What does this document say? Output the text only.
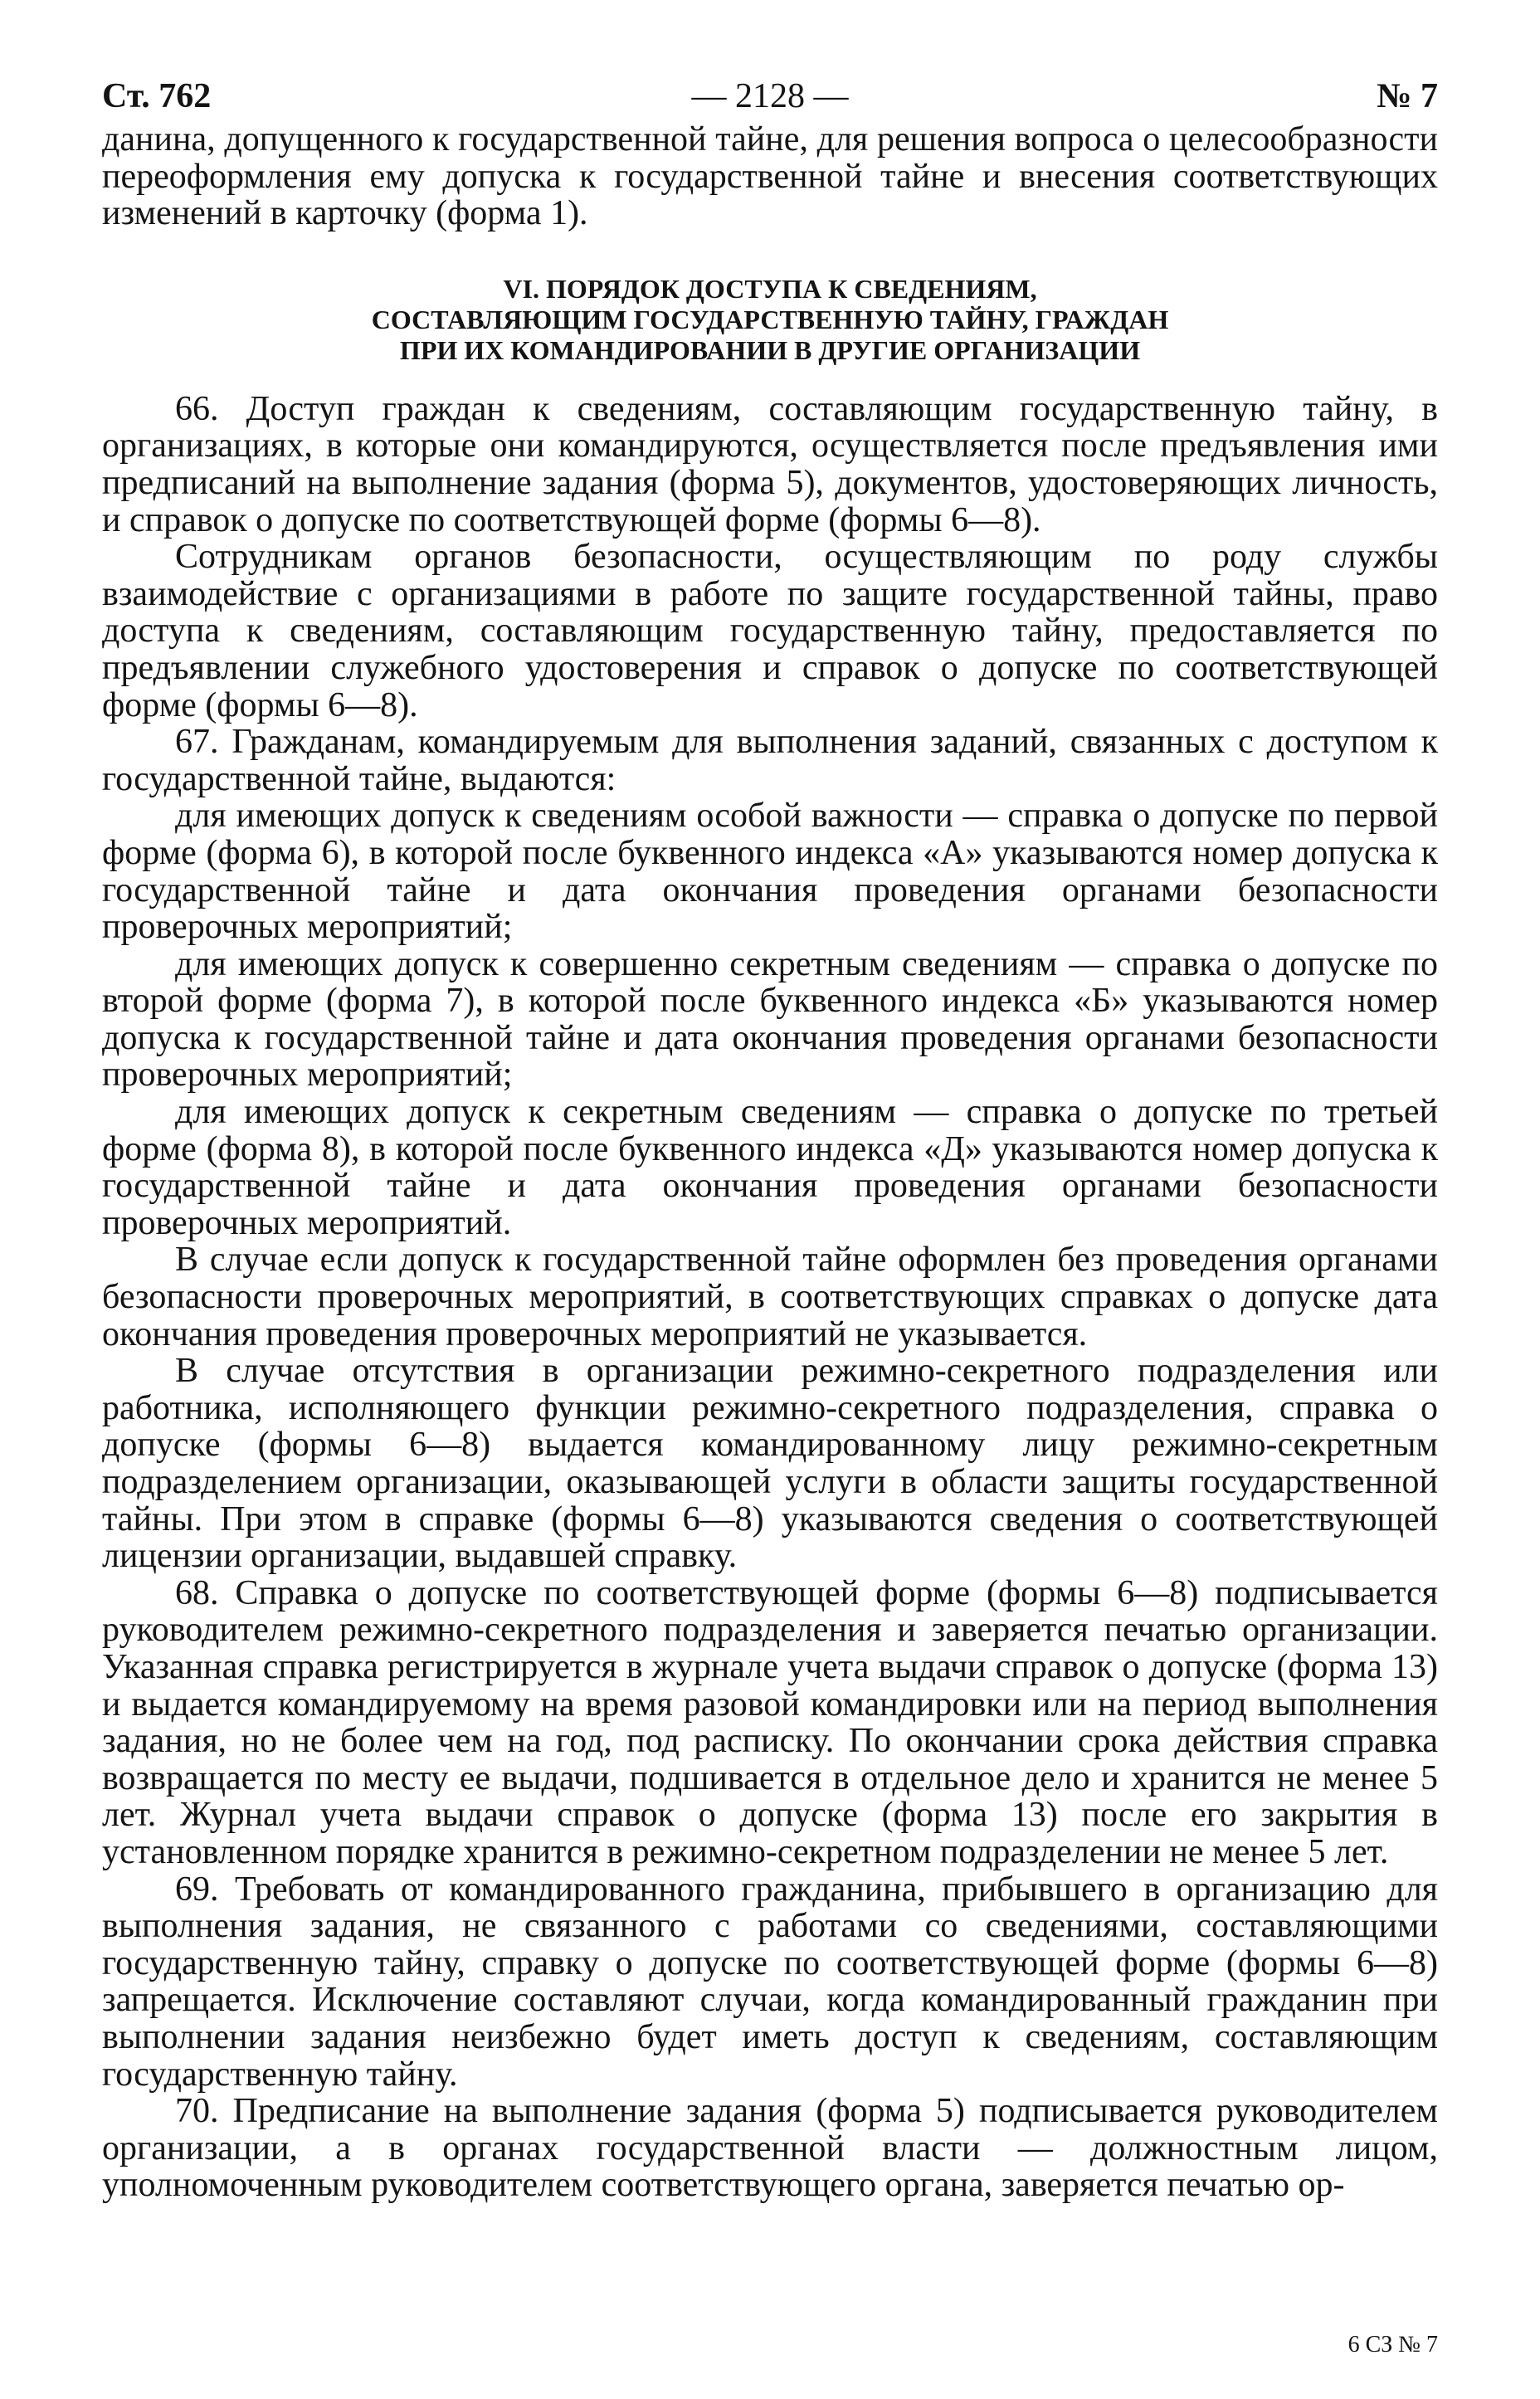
Ст. 762	— 2128 —	№ 7

данина, допущенного к государственной тайне, для решения вопроса о целесообразности переоформления ему допуска к государственной тайне и внесения соответствующих изменений в карточку (форма 1).

VI. ПОРЯДОК ДОСТУПА К СВЕДЕНИЯМ,
СОСТАВЛЯЮЩИМ ГОСУДАРСТВЕННУЮ ТАЙНУ, ГРАЖДАН
ПРИ ИХ КОМАНДИРОВАНИИ В ДРУГИЕ ОРГАНИЗАЦИИ

66. Доступ граждан к сведениям, составляющим государственную тайну, в организациях, в которые они командируются, осуществляется после предъявления ими предписаний на выполнение задания (форма 5), документов, удостоверяющих личность, и справок о допуске по соответствующей форме (формы 6—8).

Сотрудникам органов безопасности, осуществляющим по роду службы взаимодействие с организациями в работе по защите государственной тайны, право доступа к сведениям, составляющим государственную тайну, предоставляется по предъявлении служебного удостоверения и справок о допуске по соответствующей форме (формы 6—8).

67. Гражданам, командируемым для выполнения заданий, связанных с доступом к государственной тайне, выдаются:

для имеющих допуск к сведениям особой важности — справка о допуске по первой форме (форма 6), в которой после буквенного индекса «А» указываются номер допуска к государственной тайне и дата окончания проведения органами безопасности проверочных мероприятий;

для имеющих допуск к совершенно секретным сведениям — справка о допуске по второй форме (форма 7), в которой после буквенного индекса «Б» указываются номер допуска к государственной тайне и дата окончания проведения органами безопасности проверочных мероприятий;

для имеющих допуск к секретным сведениям — справка о допуске по третьей форме (форма 8), в которой после буквенного индекса «Д» указываются номер допуска к государственной тайне и дата окончания проведения органами безопасности проверочных мероприятий.

В случае если допуск к государственной тайне оформлен без проведения органами безопасности проверочных мероприятий, в соответствующих справках о допуске дата окончания проведения проверочных мероприятий не указывается.

В случае отсутствия в организации режимно-секретного подразделения или работника, исполняющего функции режимно-секретного подразделения, справка о допуске (формы 6—8) выдается командированному лицу режимно-секретным подразделением организации, оказывающей услуги в области защиты государственной тайны. При этом в справке (формы 6—8) указываются сведения о соответствующей лицензии организации, выдавшей справку.

68. Справка о допуске по соответствующей форме (формы 6—8) подписывается руководителем режимно-секретного подразделения и заверяется печатью организации. Указанная справка регистрируется в журнале учета выдачи справок о допуске (форма 13) и выдается командируемому на время разовой командировки или на период выполнения задания, но не более чем на год, под расписку. По окончании срока действия справка возвращается по месту ее выдачи, подшивается в отдельное дело и хранится не менее 5 лет. Журнал учета выдачи справок о допуске (форма 13) после его закрытия в установленном порядке хранится в режимно-секретном подразделении не менее 5 лет.

69. Требовать от командированного гражданина, прибывшего в организацию для выполнения задания, не связанного с работами со сведениями, составляющими государственную тайну, справку о допуске по соответствующей форме (формы 6—8) запрещается. Исключение составляют случаи, когда командированный гражданин при выполнении задания неизбежно будет иметь доступ к сведениям, составляющим государственную тайну.

70. Предписание на выполнение задания (форма 5) подписывается руководителем организации, а в органах государственной власти — должностным лицом, уполномоченным руководителем соответствующего органа, заверяется печатью ор-

6 СЗ № 7
